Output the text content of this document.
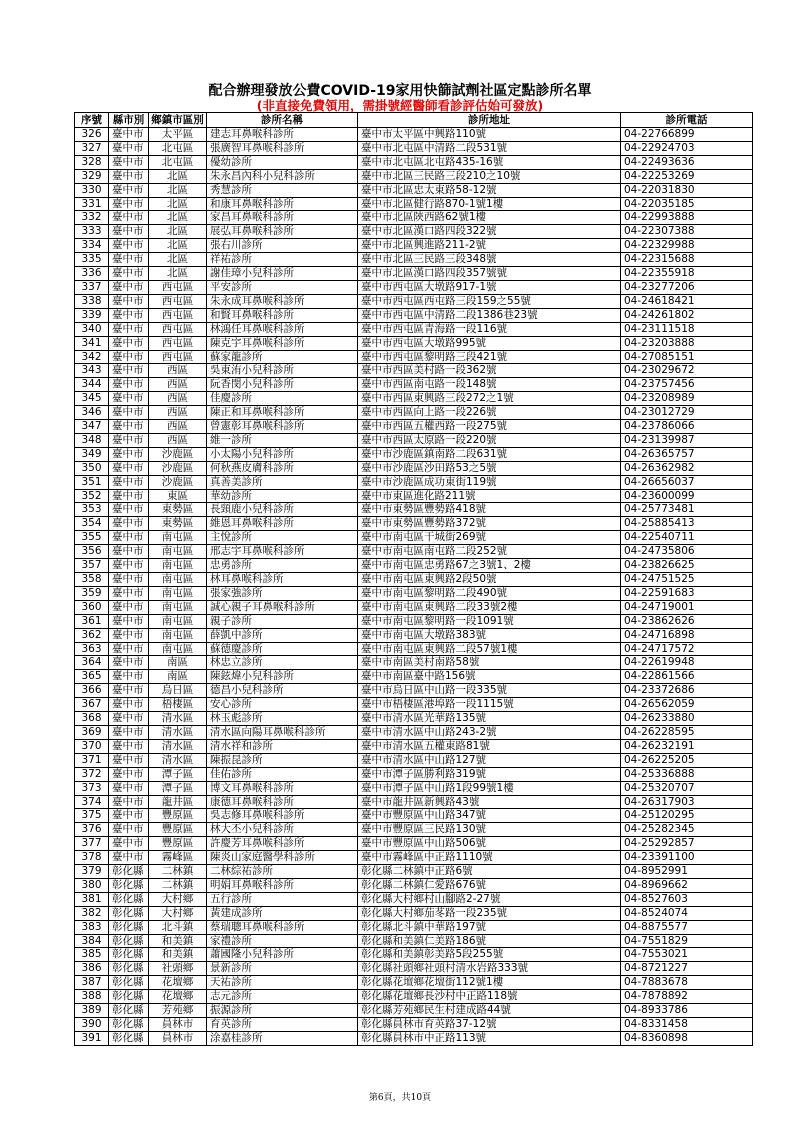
配合辦理發放公費COVID-19家用快篩試劑社區定點診所名單
(非直接免費領用，需掛號經醫師看診評估始可發放)
序號	縣市別	鄉鎮市區別	診所名稱	診所地址	診所電話
326	臺中市	太平區	建志耳鼻喉科診所	臺中市太平區中興路110號	04-22766899
327	臺中市	北屯區	張廣智耳鼻喉科診所	臺中市北屯區中清路二段531號	04-22924703
328	臺中市	北屯區	優幼診所	臺中市北屯區北屯路435-16號	04-22493636
329	臺中市	北區	朱永昌內科小兒科診所	臺中市北區三民路三段210之10號	04-22253269
330	臺中市	北區	秀慧診所	臺中市北區忠太東路58-12號	04-22031830
331	臺中市	北區	和康耳鼻喉科診所	臺中市北區健行路870-1號1樓	04-22035185
332	臺中市	北區	家昌耳鼻喉科診所	臺中市北區陝西路62號1樓	04-22993888
333	臺中市	北區	展弘耳鼻喉科診所	臺中市北區漢口路四段322號	04-22307388
334	臺中市	北區	張右川診所	臺中市北區興進路211-2號	04-22329988
335	臺中市	北區	祥祐診所	臺中市北區三民路三段348號	04-22315688
336	臺中市	北區	謝佳璋小兒科診所	臺中市北區漢口路四段357號號	04-22355918
337	臺中市	西屯區	平安診所	臺中市西屯區大墩路917-1號	04-23277206
338	臺中市	西屯區	朱永成耳鼻喉科診所	臺中市西屯區西屯路三段159之55號	04-24618421
339	臺中市	西屯區	和賢耳鼻喉科診所	臺中市西屯區中清路二段1386巷23號	04-24261802
340	臺中市	西屯區	林鴻任耳鼻喉科診所	臺中市西屯區青海路一段116號	04-23111518
341	臺中市	西屯區	陳克宇耳鼻喉科診所	臺中市西屯區大墩路995號	04-23203888
342	臺中市	西屯區	蘇家龍診所	臺中市西屯區黎明路三段421號	04-27085151
343	臺中市	西區	吳東洧小兒科診所	臺中市西區美村路一段362號	04-23029672
344	臺中市	西區	阮香閔小兒科診所	臺中市西區南屯路一段148號	04-23757456
345	臺中市	西區	佳慶診所	臺中市西區東興路三段272之1號	04-23208989
346	臺中市	西區	陳正和耳鼻喉科診所	臺中市西區向上路一段226號	04-23012729
347	臺中市	西區	曾憲彰耳鼻喉科診所	臺中市西區五權西路一段275號	04-23786066
348	臺中市	西區	維一診所	臺中市西區太原路一段220號	04-23139987
349	臺中市	沙鹿區	小太陽小兒科診所	臺中市沙鹿區鎮南路二段631號	04-26365757
350	臺中市	沙鹿區	何秋燕皮膚科診所	臺中市沙鹿區沙田路53之5號	04-26362982
351	臺中市	沙鹿區	真善美診所	臺中市沙鹿區成功東街119號	04-26656037
352	臺中市	東區	華幼診所	臺中市東區進化路211號	04-23600099
353	臺中市	東勢區	長頸鹿小兒科診所	臺中市東勢區豐勢路418號	04-25773481
354	臺中市	東勢區	維恩耳鼻喉科診所	臺中市東勢區豐勢路372號	04-25885413
355	臺中市	南屯區	主悅診所	臺中市南屯區干城街269號	04-22540711
356	臺中市	南屯區	邢志宇耳鼻喉科診所	臺中市南屯區南屯路二段252號	04-24735806
357	臺中市	南屯區	忠勇診所	臺中市南屯區忠勇路67之3號1、2樓	04-23826625
358	臺中市	南屯區	林耳鼻喉科診所	臺中市南屯區東興路2段50號	04-24751525
359	臺中市	南屯區	張家強診所	臺中市南屯區黎明路二段490號	04-22591683
360	臺中市	南屯區	誠心親子耳鼻喉科診所	臺中市南屯區東興路二段33號2樓	04-24719001
361	臺中市	南屯區	親子診所	臺中市南屯區黎明路一段1091號	04-23862626
362	臺中市	南屯區	薛凱中診所	臺中市南屯區大墩路383號	04-24716898
363	臺中市	南屯區	蘇德慶診所	臺中市南屯區東興路二段57號1樓	04-24717572
364	臺中市	南區	林忠立診所	臺中市南區美村南路58號	04-22619948
365	臺中市	南區	陳鉉煒小兒科診所	臺中市南區臺中路156號	04-22861566
366	臺中市	烏日區	德昌小兒科診所	臺中市烏日區中山路一段335號	04-23372686
367	臺中市	梧棲區	安心診所	臺中市梧棲區港埠路一段1115號	04-26562059
368	臺中市	清水區	林玉彪診所	臺中市清水區光華路135號	04-26233880
369	臺中市	清水區	清水區向陽耳鼻喉科診所	臺中市清水區中山路243-2號	04-26228595
370	臺中市	清水區	清水祥和診所	臺中市清水區五權東路81號	04-26232191
371	臺中市	清水區	陳振昆診所	臺中市清水區中山路127號	04-26225205
372	臺中市	潭子區	佳佑診所	臺中市潭子區勝利路319號	04-25336888
373	臺中市	潭子區	博文耳鼻喉科診所	臺中市潭子區中山路1段99號1樓	04-25320707
374	臺中市	龍井區	康德耳鼻喉科診所	臺中市龍井區新興路43號	04-26317903
375	臺中市	豐原區	吳志修耳鼻喉科診所	臺中市豐原區中山路347號	04-25120295
376	臺中市	豐原區	林大丕小兒科診所	臺中市豐原區三民路130號	04-25282345
377	臺中市	豐原區	許慶芳耳鼻喉科診所	臺中市豐原區中山路506號	04-25292857
378	臺中市	霧峰區	陳炎山家庭醫學科診所	臺中市霧峰區中正路1110號	04-23391100
379	彰化縣	二林鎮	二林綜祐診所	彰化縣二林鎮中正路6號	04-8952991
380	彰化縣	二林鎮	明娟耳鼻喉科診所	彰化縣二林鎮仁愛路676號	04-8969662
381	彰化縣	大村鄉	五行診所	彰化縣大村鄉村山腳路2-27號	04-8527603
382	彰化縣	大村鄉	黃建成診所	彰化縣大村鄉茄苳路一段235號	04-8524074
383	彰化縣	北斗鎮	蔡瑞聰耳鼻喉科診所	彰化縣北斗鎮中華路197號	04-8875577
384	彰化縣	和美鎮	家禮診所	彰化縣和美鎮仁美路186號	04-7551829
385	彰化縣	和美鎮	蕭國隆小兒科診所	彰化縣和美鎮彰美路5段255號	04-7553021
386	彰化縣	社頭鄉	景新診所	彰化縣社頭鄉社頭村清水岩路333號	04-8721227
387	彰化縣	花壇鄉	天祐診所	彰化縣花壇鄉花壇街112號1樓	04-7883678
388	彰化縣	花壇鄉	志元診所	彰化縣花壇鄉長沙村中正路118號	04-7878892
389	彰化縣	芳苑鄉	振源診所	彰化縣芳苑鄉民生村建成路44號	04-8933786
390	彰化縣	員林市	育英診所	彰化縣員林市育英路37-12號	04-8331458
391	彰化縣	員林市	涂嘉桂診所	彰化縣員林市中正路113號	04-8360898
第6頁，共10頁
